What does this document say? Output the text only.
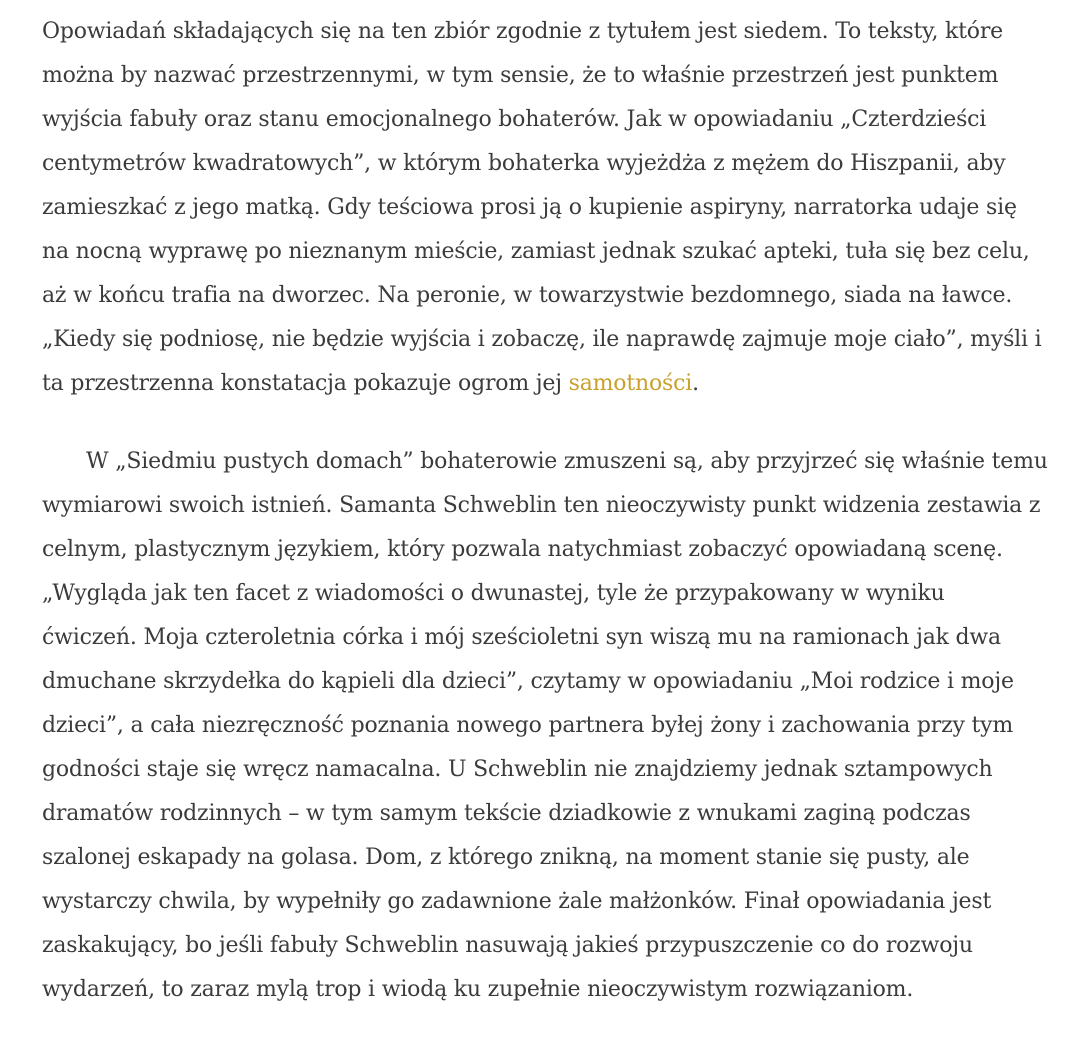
Opowiadań składających się na ten zbiór zgodnie z tytułem jest siedem. To teksty, które
można by nazwać przestrzennymi, w tym sensie, że to właśnie przestrzeń jest punktem
wyjścia fabuły oraz stanu emocjonalnego bohaterów. Jak w opowiadaniu „Czterdzieści
centymetrów kwadratowych”, w którym bohaterka wyjeżdża z mężem do Hiszpanii, aby
zamieszkać z jego matką. Gdy teściowa prosi ją o kupienie aspiryny, narratorka udaje się
na nocną wyprawę po nieznanym mieście, zamiast jednak szukać apteki, tuła się bez celu,
aż w końcu trafia na dworzec. Na peronie, w towarzystwie bezdomnego, siada na ławce.
„Kiedy się podniosę, nie będzie wyjścia i zobaczę, ile naprawdę zajmuje moje ciało”, myśli i
ta przestrzenna konstatacja pokazuje ogrom jej samotności.
W „Siedmiu pustych domach” bohaterowie zmuszeni są, aby przyjrzeć się właśnie temu
wymiarowi swoich istnień. Samanta Schweblin ten nieoczywisty punkt widzenia zestawia z
celnym, plastycznym językiem, który pozwala natychmiast zobaczyć opowiadaną scenę.
„Wygląda jak ten facet z wiadomości o dwunastej, tyle że przypakowany w wyniku
ćwiczeń. Moja czteroletnia córka i mój sześcioletni syn wiszą mu na ramionach jak dwa
dmuchane skrzydełka do kąpieli dla dzieci”, czytamy w opowiadaniu „Moi rodzice i moje
dzieci”, a cała niezręczność poznania nowego partnera byłej żony i zachowania przy tym
godności staje się wręcz namacalna. U Schweblin nie znajdziemy jednak sztampowych
dramatów rodzinnych – w tym samym tekście dziadkowie z wnukami zaginą podczas
szalonej eskapady na golasa. Dom, z którego znikną, na moment stanie się pusty, ale
wystarczy chwila, by wypełniły go zadawnione żale małżonków. Finał opowiadania jest
zaskakujący, bo jeśli fabuły Schweblin nasuwają jakieś przypuszczenie co do rozwoju
wydarzeń, to zaraz mylą trop i wiodą ku zupełnie nieoczywistym rozwiązaniom.
